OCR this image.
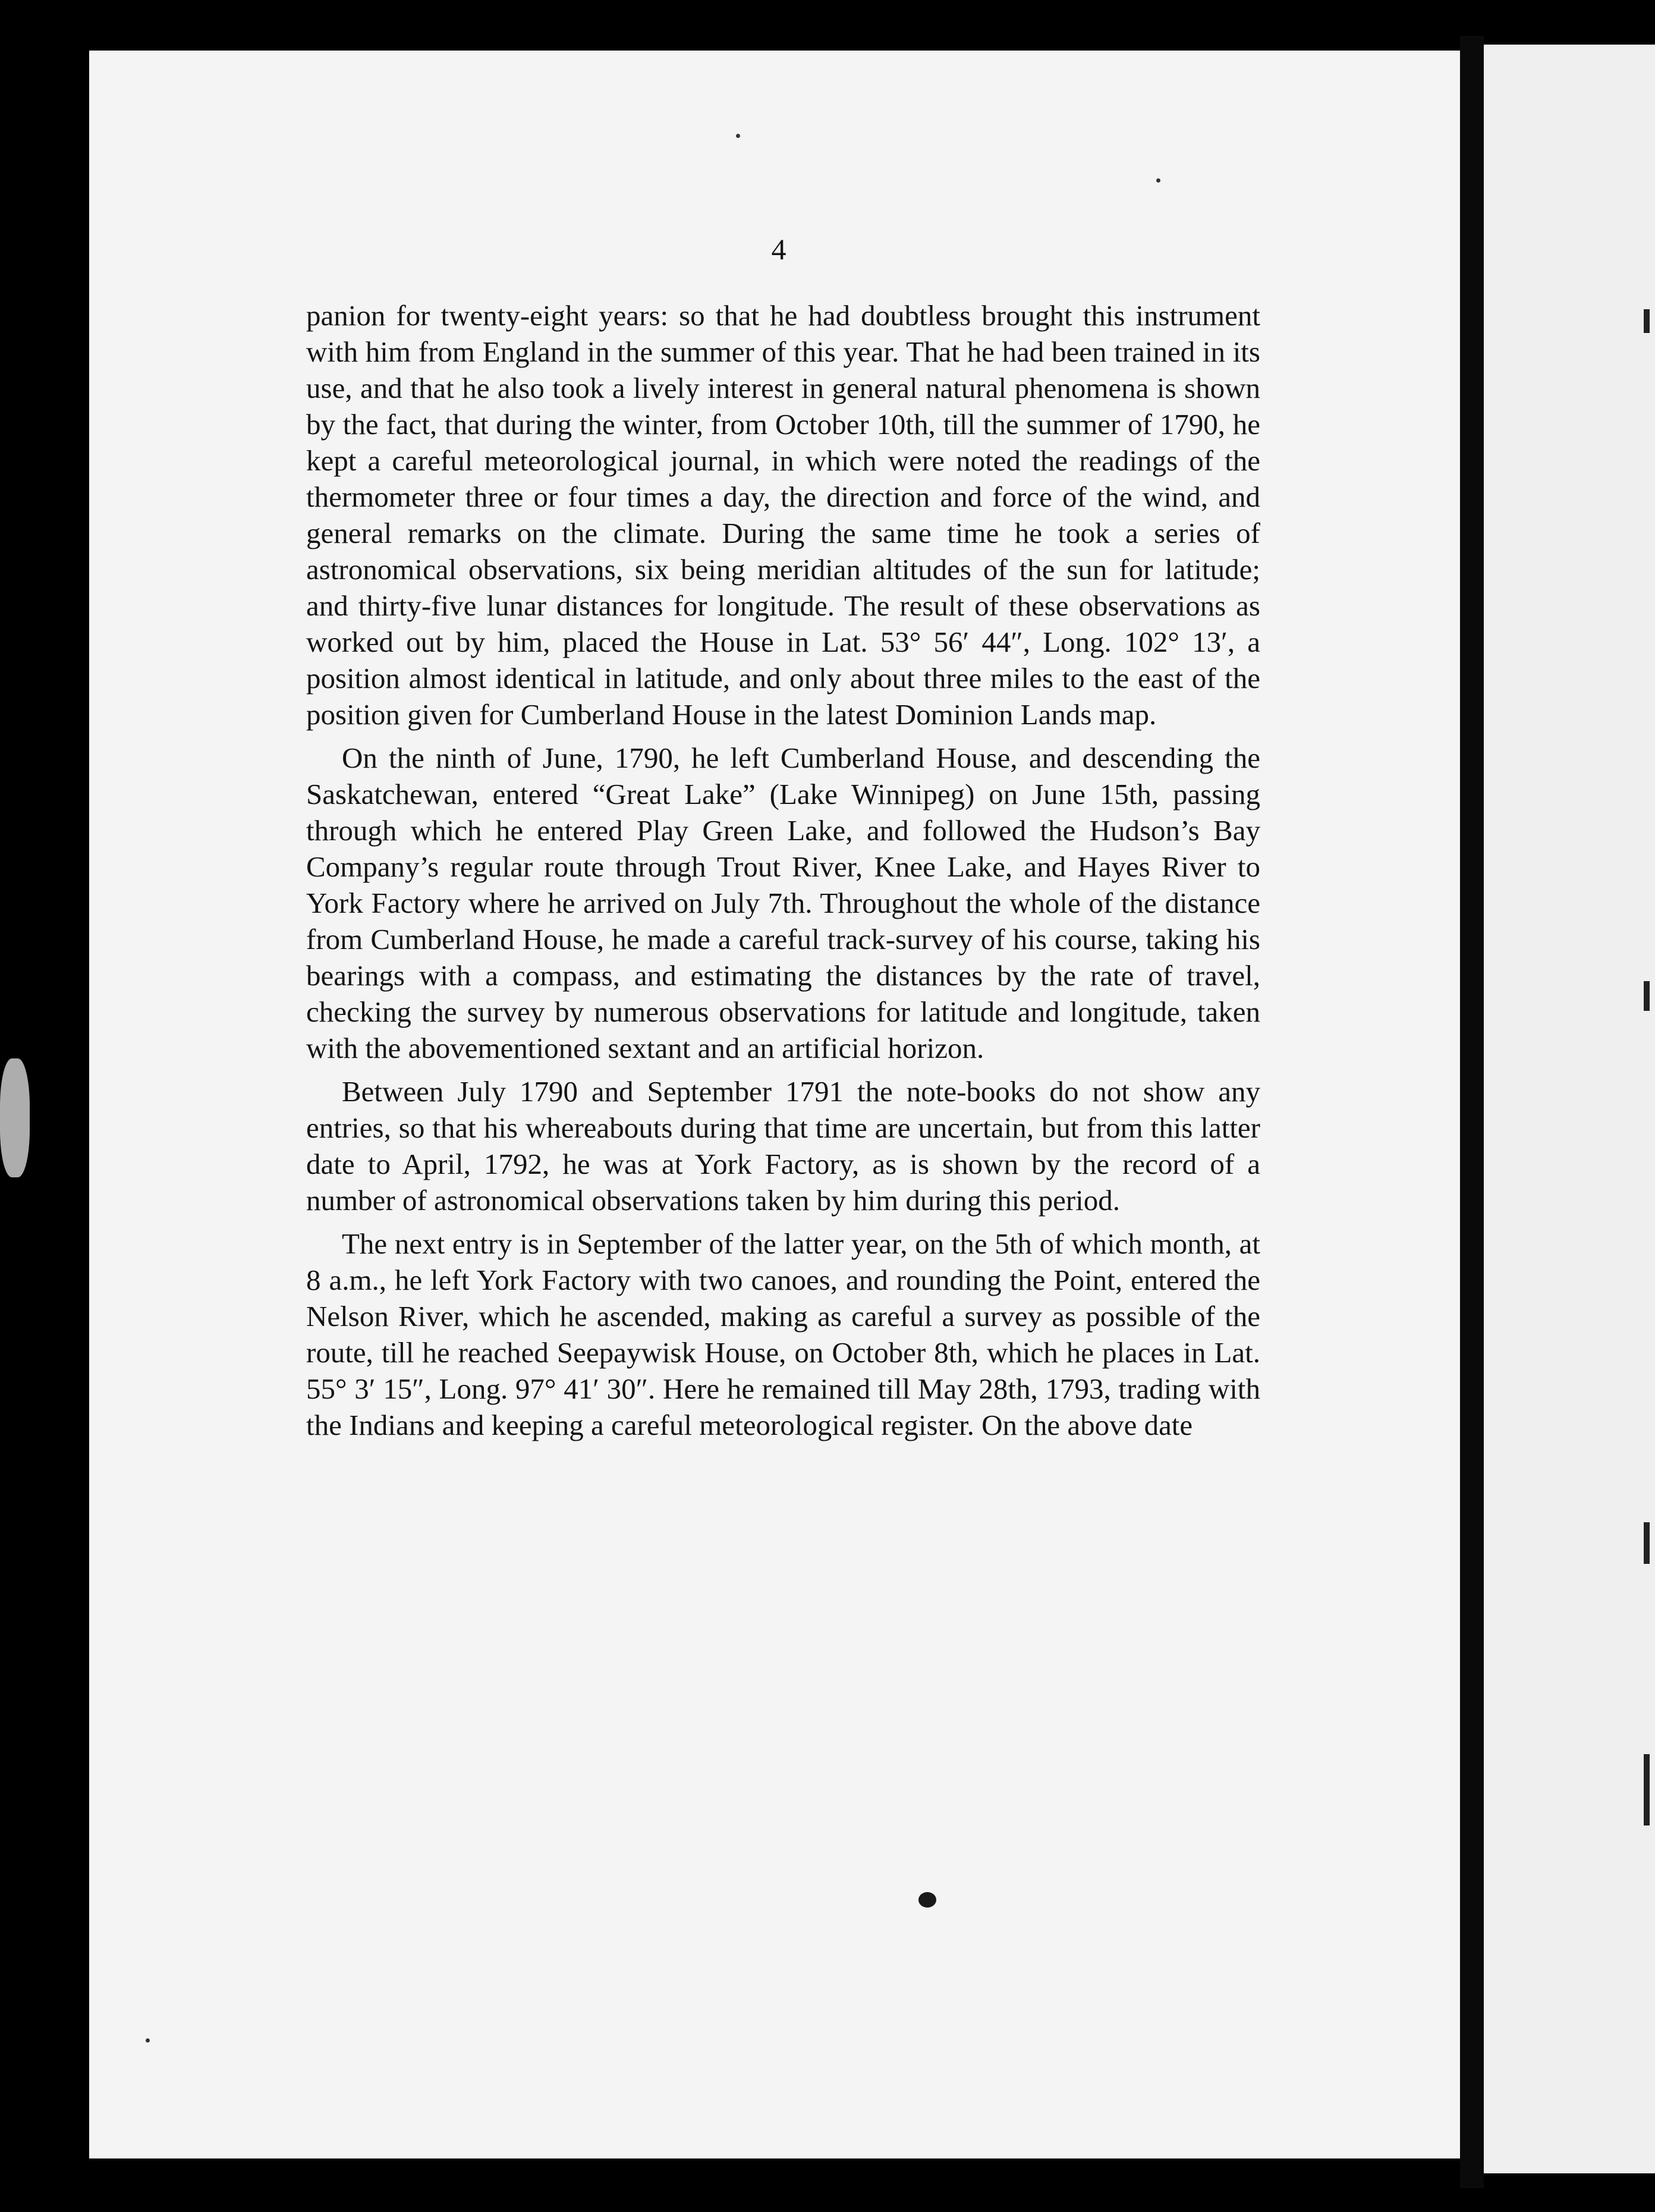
4

panion for twenty-eight years: so that he had doubtless brought this instrument with him from England in the summer of this year. That he had been trained in its use, and that he also took a lively interest in general natural phenomena is shown by the fact, that during the winter, from October 10th, till the summer of 1790, he kept a careful meteorological journal, in which were noted the readings of the thermometer three or four times a day, the direction and force of the wind, and general remarks on the climate. During the same time he took a series of astronomical observations, six being meridian altitudes of the sun for latitude; and thirty-five lunar distances for longitude. The result of these observations as worked out by him, placed the House in Lat. 53° 56′ 44″, Long. 102° 13′, a position almost identical in latitude, and only about three miles to the east of the position given for Cumberland House in the latest Dominion Lands map.

On the ninth of June, 1790, he left Cumberland House, and descending the Saskatchewan, entered “Great Lake” (Lake Winnipeg) on June 15th, passing through which he entered Play Green Lake, and followed the Hudson’s Bay Company’s regular route through Trout River, Knee Lake, and Hayes River to York Factory where he arrived on July 7th. Throughout the whole of the distance from Cumberland House, he made a careful track-survey of his course, taking his bearings with a compass, and estimating the distances by the rate of travel, checking the survey by numerous observations for latitude and longitude, taken with the abovementioned sextant and an artificial horizon.

Between July 1790 and September 1791 the note-books do not show any entries, so that his whereabouts during that time are uncertain, but from this latter date to April, 1792, he was at York Factory, as is shown by the record of a number of astronomical observations taken by him during this period.

The next entry is in September of the latter year, on the 5th of which month, at 8 a.m., he left York Factory with two canoes, and rounding the Point, entered the Nelson River, which he ascended, making as careful a survey as possible of the route, till he reached Seepaywisk House, on October 8th, which he places in Lat. 55° 3′ 15″, Long. 97° 41′ 30″. Here he remained till May 28th, 1793, trading with the Indians and keeping a careful meteorological register. On the above date
